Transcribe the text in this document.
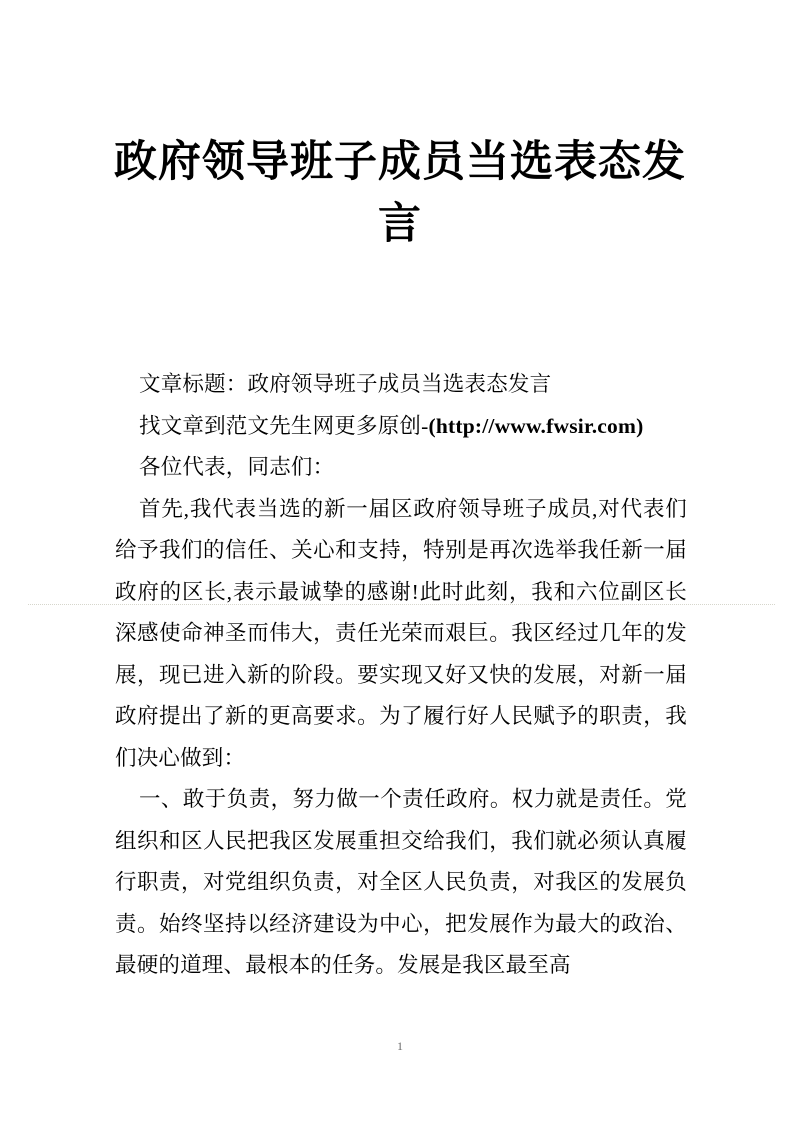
政府领导班子成员当选表态发言

文章标题：政府领导班子成员当选表态发言

找文章到范文先生网更多原创-(http://www.fwsir.com)

各位代表，同志们：

首先,我代表当选的新一届区政府领导班子成员,对代表们给予我们的信任、关心和支持，特别是再次选举我任新一届政府的区长,表示最诚挚的感谢!此时此刻，我和六位副区长深感使命神圣而伟大，责任光荣而艰巨。我区经过几年的发展，现已进入新的阶段。要实现又好又快的发展，对新一届政府提出了新的更高要求。为了履行好人民赋予的职责，我们决心做到：

一、敢于负责，努力做一个责任政府。权力就是责任。党组织和区人民把我区发展重担交给我们，我们就必须认真履行职责，对党组织负责，对全区人民负责，对我区的发展负责。始终坚持以经济建设为中心，把发展作为最大的政治、最硬的道理、最根本的任务。发展是我区最至高

1
